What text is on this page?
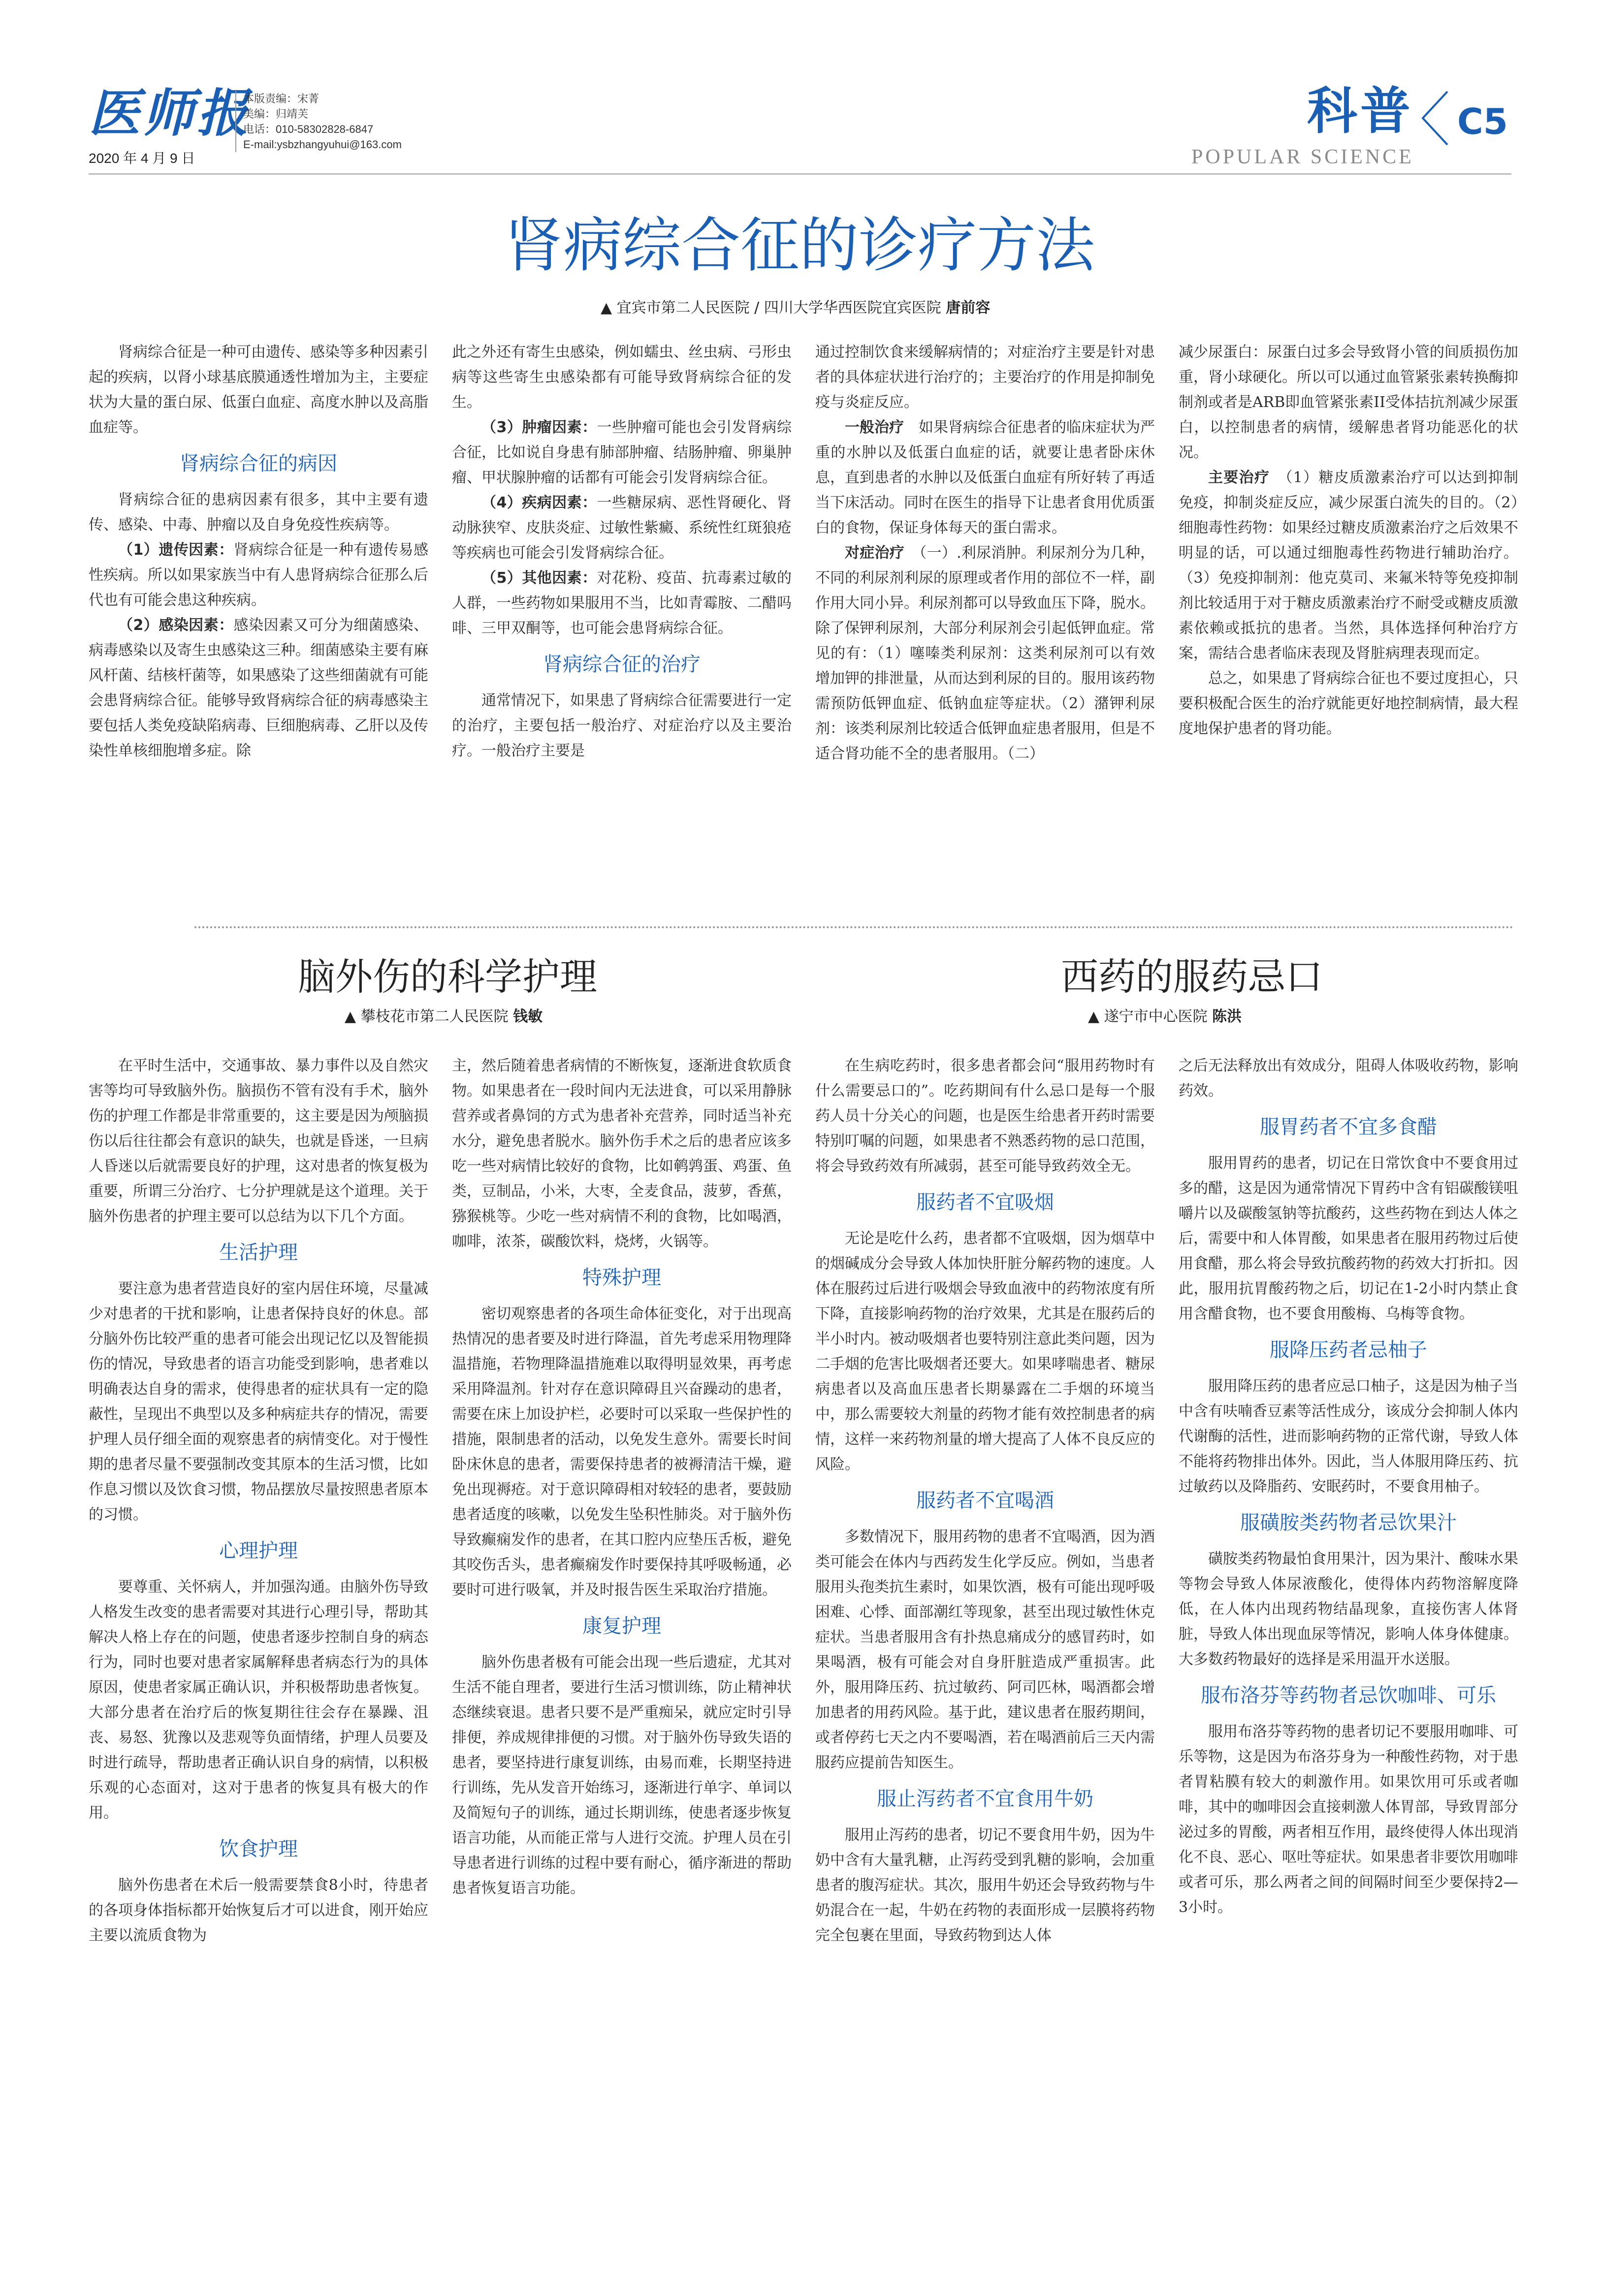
医师报
2020 年 4 月 9 日
本版责编：宋菁
美编：归靖芙
电话：010-58302828-6847
E-mail:ysbzhangyuhui@163.com
科普 C5
POPULAR SCIENCE
肾病综合征的诊疗方法
▲ 宜宾市第二人民医院 / 四川大学华西医院宜宾医院 唐前容

肾病综合征是一种可由遗传、感染等多种因素引起的疾病，以肾小球基底膜通透性增加为主，主要症状为大量的蛋白尿、低蛋白血症、高度水肿以及高脂血症等。

肾病综合征的病因

肾病综合征的患病因素有很多，其中主要有遗传、感染、中毒、肿瘤以及自身免疫性疾病等。

（1）遗传因素：肾病综合征是一种有遗传易感性疾病。所以如果家族当中有人患肾病综合征那么后代也有可能会患这种疾病。

（2）感染因素：感染因素又可分为细菌感染、病毒感染以及寄生虫感染这三种。细菌感染主要有麻风杆菌、结核杆菌等，如果感染了这些细菌就有可能会患肾病综合征。能够导致肾病综合征的病毒感染主要包括人类免疫缺陷病毒、巨细胞病毒、乙肝以及传染性单核细胞增多症。除

此之外还有寄生虫感染，例如蠕虫、丝虫病、弓形虫病等这些寄生虫感染都有可能导致肾病综合征的发生。

（3）肿瘤因素：一些肿瘤可能也会引发肾病综合征，比如说自身患有肺部肿瘤、结肠肿瘤、卵巢肿瘤、甲状腺肿瘤的话都有可能会引发肾病综合征。

（4）疾病因素：一些糖尿病、恶性肾硬化、肾动脉狭窄、皮肤炎症、过敏性紫癜、系统性红斑狼疮等疾病也可能会引发肾病综合征。

（5）其他因素：对花粉、疫苗、抗毒素过敏的人群，一些药物如果服用不当，比如青霉胺、二醋吗啡、三甲双酮等，也可能会患肾病综合征。

肾病综合征的治疗

通常情况下，如果患了肾病综合征需要进行一定的治疗，主要包括一般治疗、对症治疗以及主要治疗。一般治疗主要是

通过控制饮食来缓解病情的；对症治疗主要是针对患者的具体症状进行治疗的；主要治疗的作用是抑制免疫与炎症反应。

一般治疗　如果肾病综合征患者的临床症状为严重的水肿以及低蛋白血症的话，就要让患者卧床休息，直到患者的水肿以及低蛋白血症有所好转了再适当下床活动。同时在医生的指导下让患者食用优质蛋白的食物，保证身体每天的蛋白需求。

对症治疗　（一）.利尿消肿。利尿剂分为几种，不同的利尿剂利尿的原理或者作用的部位不一样，副作用大同小异。利尿剂都可以导致血压下降，脱水。除了保钾利尿剂，大部分利尿剂会引起低钾血症。常见的有：（1）噻嗪类利尿剂：这类利尿剂可以有效增加钾的排泄量，从而达到利尿的目的。服用该药物需预防低钾血症、低钠血症等症状。（2）潴钾利尿剂：该类利尿剂比较适合低钾血症患者服用，但是不适合肾功能不全的患者服用。（二）

减少尿蛋白：尿蛋白过多会导致肾小管的间质损伤加重，肾小球硬化。所以可以通过血管紧张素转换酶抑制剂或者是ARB即血管紧张素II受体拮抗剂减少尿蛋白，以控制患者的病情，缓解患者肾功能恶化的状况。

主要治疗　（1）糖皮质激素治疗可以达到抑制免疫，抑制炎症反应，减少尿蛋白流失的目的。（2）细胞毒性药物：如果经过糖皮质激素治疗之后效果不明显的话，可以通过细胞毒性药物进行辅助治疗。（3）免疫抑制剂：他克莫司、来氟米特等免疫抑制剂比较适用于对于糖皮质激素治疗不耐受或糖皮质激素依赖或抵抗的患者。当然，具体选择何种治疗方案，需结合患者临床表现及肾脏病理表现而定。

总之，如果患了肾病综合征也不要过度担心，只要积极配合医生的治疗就能更好地控制病情，最大程度地保护患者的肾功能。

脑外伤的科学护理
▲ 攀枝花市第二人民医院 钱敏

在平时生活中，交通事故、暴力事件以及自然灾害等均可导致脑外伤。脑损伤不管有没有手术，脑外伤的护理工作都是非常重要的，这主要是因为颅脑损伤以后往往都会有意识的缺失，也就是昏迷，一旦病人昏迷以后就需要良好的护理，这对患者的恢复极为重要，所谓三分治疗、七分护理就是这个道理。关于脑外伤患者的护理主要可以总结为以下几个方面。

生活护理

要注意为患者营造良好的室内居住环境，尽量减少对患者的干扰和影响，让患者保持良好的休息。部分脑外伤比较严重的患者可能会出现记忆以及智能损伤的情况，导致患者的语言功能受到影响，患者难以明确表达自身的需求，使得患者的症状具有一定的隐蔽性，呈现出不典型以及多种病症共存的情况，需要护理人员仔细全面的观察患者的病情变化。对于慢性期的患者尽量不要强制改变其原本的生活习惯，比如作息习惯以及饮食习惯，物品摆放尽量按照患者原本的习惯。

心理护理

要尊重、关怀病人，并加强沟通。由脑外伤导致人格发生改变的患者需要对其进行心理引导，帮助其解决人格上存在的问题，使患者逐步控制自身的病态行为，同时也要对患者家属解释患者病态行为的具体原因，使患者家属正确认识，并积极帮助患者恢复。大部分患者在治疗后的恢复期往往会存在暴躁、沮丧、易怒、犹豫以及悲观等负面情绪，护理人员要及时进行疏导，帮助患者正确认识自身的病情，以积极乐观的心态面对，这对于患者的恢复具有极大的作用。

饮食护理

脑外伤患者在术后一般需要禁食8小时，待患者的各项身体指标都开始恢复后才可以进食，刚开始应主要以流质食物为

主，然后随着患者病情的不断恢复，逐渐进食软质食物。如果患者在一段时间内无法进食，可以采用静脉营养或者鼻饲的方式为患者补充营养，同时适当补充水分，避免患者脱水。脑外伤手术之后的患者应该多吃一些对病情比较好的食物，比如鹌鹑蛋、鸡蛋、鱼类，豆制品，小米，大枣，全麦食品，菠萝，香蕉，猕猴桃等。少吃一些对病情不利的食物，比如喝酒，咖啡，浓茶，碳酸饮料，烧烤，火锅等。

特殊护理

密切观察患者的各项生命体征变化，对于出现高热情况的患者要及时进行降温，首先考虑采用物理降温措施，若物理降温措施难以取得明显效果，再考虑采用降温剂。针对存在意识障碍且兴奋躁动的患者，需要在床上加设护栏，必要时可以采取一些保护性的措施，限制患者的活动，以免发生意外。需要长时间卧床休息的患者，需要保持患者的被褥清洁干燥，避免出现褥疮。对于意识障碍相对较轻的患者，要鼓励患者适度的咳嗽，以免发生坠积性肺炎。对于脑外伤导致癫痫发作的患者，在其口腔内应垫压舌板，避免其咬伤舌头，患者癫痫发作时要保持其呼吸畅通，必要时可进行吸氧，并及时报告医生采取治疗措施。

康复护理

脑外伤患者极有可能会出现一些后遗症，尤其对生活不能自理者，要进行生活习惯训练，防止精神状态继续衰退。患者只要不是严重痴呆，就应定时引导排便，养成规律排便的习惯。对于脑外伤导致失语的患者，要坚持进行康复训练，由易而难，长期坚持进行训练，先从发音开始练习，逐渐进行单字、单词以及简短句子的训练，通过长期训练，使患者逐步恢复语言功能，从而能正常与人进行交流。护理人员在引导患者进行训练的过程中要有耐心，循序渐进的帮助患者恢复语言功能。

西药的服药忌口
▲ 遂宁市中心医院 陈洪

在生病吃药时，很多患者都会问“服用药物时有什么需要忌口的”。吃药期间有什么忌口是每一个服药人员十分关心的问题，也是医生给患者开药时需要特别叮嘱的问题，如果患者不熟悉药物的忌口范围，将会导致药效有所减弱，甚至可能导致药效全无。

服药者不宜吸烟

无论是吃什么药，患者都不宜吸烟，因为烟草中的烟碱成分会导致人体加快肝脏分解药物的速度。人体在服药过后进行吸烟会导致血液中的药物浓度有所下降，直接影响药物的治疗效果，尤其是在服药后的半小时内。被动吸烟者也要特别注意此类问题，因为二手烟的危害比吸烟者还要大。如果哮喘患者、糖尿病患者以及高血压患者长期暴露在二手烟的环境当中，那么需要较大剂量的药物才能有效控制患者的病情，这样一来药物剂量的增大提高了人体不良反应的风险。

服药者不宜喝酒

多数情况下，服用药物的患者不宜喝酒，因为酒类可能会在体内与西药发生化学反应。例如，当患者服用头孢类抗生素时，如果饮酒，极有可能出现呼吸困难、心悸、面部潮红等现象，甚至出现过敏性休克症状。当患者服用含有扑热息痛成分的感冒药时，如果喝酒，极有可能会对自身肝脏造成严重损害。此外，服用降压药、抗过敏药、阿司匹林，喝酒都会增加患者的用药风险。基于此，建议患者在服药期间，或者停药七天之内不要喝酒，若在喝酒前后三天内需服药应提前告知医生。

服止泻药者不宜食用牛奶

服用止泻药的患者，切记不要食用牛奶，因为牛奶中含有大量乳糖，止泻药受到乳糖的影响，会加重患者的腹泻症状。其次，服用牛奶还会导致药物与牛奶混合在一起，牛奶在药物的表面形成一层膜将药物完全包裹在里面，导致药物到达人体

之后无法释放出有效成分，阻碍人体吸收药物，影响药效。

服胃药者不宜多食醋

服用胃药的患者，切记在日常饮食中不要食用过多的醋，这是因为通常情况下胃药中含有铝碳酸镁咀嚼片以及碳酸氢钠等抗酸药，这些药物在到达人体之后，需要中和人体胃酸，如果患者在服用药物过后使用食醋，那么将会导致抗酸药物的药效大打折扣。因此，服用抗胃酸药物之后，切记在1-2小时内禁止食用含醋食物，也不要食用酸梅、乌梅等食物。

服降压药者忌柚子

服用降压药的患者应忌口柚子，这是因为柚子当中含有呋喃香豆素等活性成分，该成分会抑制人体内代谢酶的活性，进而影响药物的正常代谢，导致人体不能将药物排出体外。因此，当人体服用降压药、抗过敏药以及降脂药、安眠药时，不要食用柚子。

服磺胺类药物者忌饮果汁

磺胺类药物最怕食用果汁，因为果汁、酸味水果等物会导致人体尿液酸化，使得体内药物溶解度降低，在人体内出现药物结晶现象，直接伤害人体肾脏，导致人体出现血尿等情况，影响人体身体健康。大多数药物最好的选择是采用温开水送服。

服布洛芬等药物者忌饮咖啡、可乐

服用布洛芬等药物的患者切记不要服用咖啡、可乐等物，这是因为布洛芬身为一种酸性药物，对于患者胃粘膜有较大的刺激作用。如果饮用可乐或者咖啡，其中的咖啡因会直接刺激人体胃部，导致胃部分泌过多的胃酸，两者相互作用，最终使得人体出现消化不良、恶心、呕吐等症状。如果患者非要饮用咖啡或者可乐，那么两者之间的间隔时间至少要保持2—3小时。
